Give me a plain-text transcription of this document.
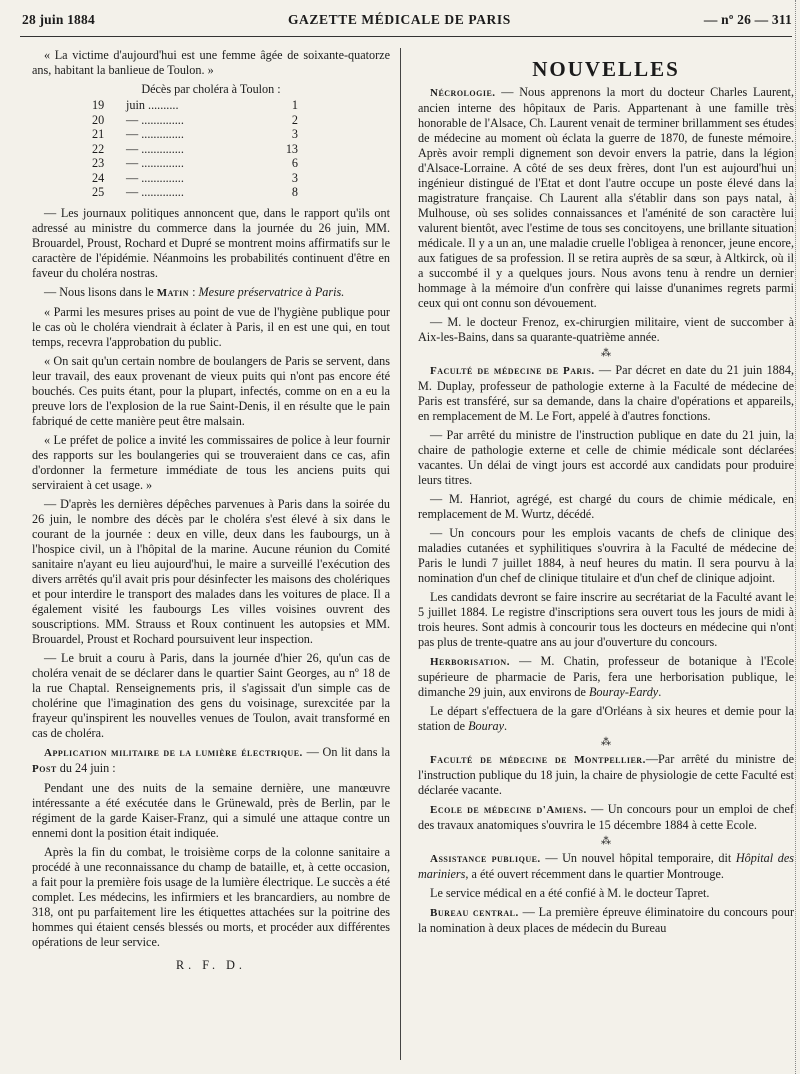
28 juin 1884	GAZETTE MÉDICALE DE PARIS	— nº 26 — 311

« La victime d'aujourd'hui est une femme âgée de soixante-quatorze ans, habitant la banlieue de Toulon. »

Décès par choléra à Toulon :
19	juin ..........	1
20	— ..............	2
21	— ..............	3
22	— ..............	13
23	— ..............	6
24	— ..............	3
25	— ..............	8

— Les journaux politiques annoncent que, dans le rapport qu'ils ont adressé au ministre du commerce dans la journée du 26 juin, MM. Brouardel, Proust, Rochard et Dupré se montrent moins affirmatifs sur le caractère de l'épidémie. Néanmoins les probabilités continuent d'être en faveur du choléra nostras.

— Nous lisons dans le Matin : Mesure préservatrice à Paris.

« Parmi les mesures prises au point de vue de l'hygiène publique pour le cas où le choléra viendrait à éclater à Paris, il en est une qui, en tout temps, recevra l'approbation du public.

« On sait qu'un certain nombre de boulangers de Paris se servent, dans leur travail, des eaux provenant de vieux puits qui n'ont pas encore été bouchés. Ces puits étant, pour la plupart, infectés, comme on en a eu la preuve lors de l'explosion de la rue Saint-Denis, il en résulte que le pain fabriqué de cette manière peut être malsain.

« Le préfet de police a invité les commissaires de police à leur fournir des rapports sur les boulangeries qui se trouveraient dans ce cas, afin d'ordonner la fermeture immédiate de tous les anciens puits qui serviraient à cet usage. »

— D'après les dernières dépêches parvenues à Paris dans la soirée du 26 juin, le nombre des décès par le choléra s'est élevé à six dans le courant de la journée : deux en ville, deux dans les faubourgs, un à l'hospice civil, un à l'hôpital de la marine. Aucune réunion du Comité sanitaire n'ayant eu lieu aujourd'hui, le maire a surveillé l'exécution des divers arrêtés qu'il avait pris pour désinfecter les maisons des cholériques et pour interdire le transport des malades dans les voitures de place. Il a également visité les faubourgs Les villes voisines ouvrent des souscriptions. MM. Strauss et Roux continuent les autopsies et MM. Brouardel, Proust et Rochard poursuivent leur inspection.

— Le bruit a couru à Paris, dans la journée d'hier 26, qu'un cas de choléra venait de se déclarer dans le quartier Saint Georges, au nº 18 de la rue Chaptal. Renseignements pris, il s'agissait d'un simple cas de cholérine que l'imagination des gens du voisinage, surexcitée par la frayeur qu'inspirent les nouvelles venues de Toulon, avait transformé en cas de choléra.

Application militaire de la lumière électrique. — On lit dans la Post du 24 juin :

Pendant une des nuits de la semaine dernière, une manœuvre intéressante a été exécutée dans le Grünewald, près de Berlin, par le régiment de la garde Kaiser-Franz, qui a simulé une attaque contre un ennemi dont la position était indiquée.

Après la fin du combat, le troisième corps de la colonne sanitaire a procédé à une reconnaissance du champ de bataille, et, à cette occasion, a fait pour la première fois usage de la lumière électrique. Le succès a été complet. Les médecins, les infirmiers et les brancardiers, au nombre de 318, ont pu parfaitement lire les étiquettes attachées sur la poitrine des hommes qui étaient censés blessés ou morts, et procéder aux différentes opérations de leur service.

R. F. D.
NOUVELLES

Nécrologie. — Nous apprenons la mort du docteur Charles Laurent, ancien interne des hôpitaux de Paris. Appartenant à une famille très honorable de l'Alsace, Ch. Laurent venait de terminer brillamment ses études de médecine au moment où éclata la guerre de 1870, de funeste mémoire. Après avoir rempli dignement son devoir envers la patrie, dans la légion d'Alsace-Lorraine. A côté de ses deux frères, dont l'un est aujourd'hui un ingénieur distingué de l'Etat et dont l'autre occupe un poste élevé dans la magistrature française. Ch Laurent alla s'établir dans son pays natal, à Mulhouse, où ses solides connaissances et l'aménité de son caractère lui valurent bientôt, avec l'estime de tous ses concitoyens, une brillante situation médicale. Il y a un an, une maladie cruelle l'obligea à renoncer, jeune encore, aux fatigues de sa profession. Il se retira auprès de sa sœur, à Altkirck, où il a succombé il y a quelques jours. Nous avons tenu à rendre un dernier hommage à la mémoire d'un confrère qui laisse d'unanimes regrets parmi ceux qui ont connu son dévouement.

— M. le docteur Frenoz, ex-chirurgien militaire, vient de succomber à Aix-les-Bains, dans sa quarante-quatrième année.

⁂

Faculté de médecine de Paris. — Par décret en date du 21 juin 1884, M. Duplay, professeur de pathologie externe à la Faculté de médecine de Paris est transféré, sur sa demande, dans la chaire d'opérations et appareils, en remplacement de M. Le Fort, appelé à d'autres fonctions.

— Par arrêté du ministre de l'instruction publique en date du 21 juin, la chaire de pathologie externe et celle de chimie médicale sont déclarées vacantes. Un délai de vingt jours est accordé aux candidats pour produire leurs titres.

— M. Hanriot, agrégé, est chargé du cours de chimie médicale, en remplacement de M. Wurtz, décédé.

— Un concours pour les emplois vacants de chefs de clinique des maladies cutanées et syphilitiques s'ouvrira à la Faculté de médecine de Paris le lundi 7 juillet 1884, à neuf heures du matin. Il sera pourvu à la nomination d'un chef de clinique titulaire et d'un chef de clinique adjoint.

Les candidats devront se faire inscrire au secrétariat de la Faculté avant le 5 juillet 1884. Le registre d'inscriptions sera ouvert tous les jours de midi à trois heures. Sont admis à concourir tous les docteurs en médecine qui n'ont pas plus de trente-quatre ans au jour d'ouverture du concours.

Herborisation. — M. Chatin, professeur de botanique à l'Ecole supérieure de pharmacie de Paris, fera une herborisation publique, le dimanche 29 juin, aux environs de Bouray-Eardy.

Le départ s'effectuera de la gare d'Orléans à six heures et demie pour la station de Bouray.

⁂

Faculté de médecine de Montpellier.—Par arrêté du ministre de l'instruction publique du 18 juin, la chaire de physiologie de cette Faculté est déclarée vacante.

Ecole de médecine d'Amiens. — Un concours pour un emploi de chef des travaux anatomiques s'ouvrira le 15 décembre 1884 à cette Ecole.

⁂

Assistance publique. — Un nouvel hôpital temporaire, dit Hôpital des mariniers, a été ouvert récemment dans le quartier Montrouge.

Le service médical en a été confié à M. le docteur Tapret.

Bureau central. — La première épreuve éliminatoire du concours pour la nomination à deux places de médecin du Bureau
